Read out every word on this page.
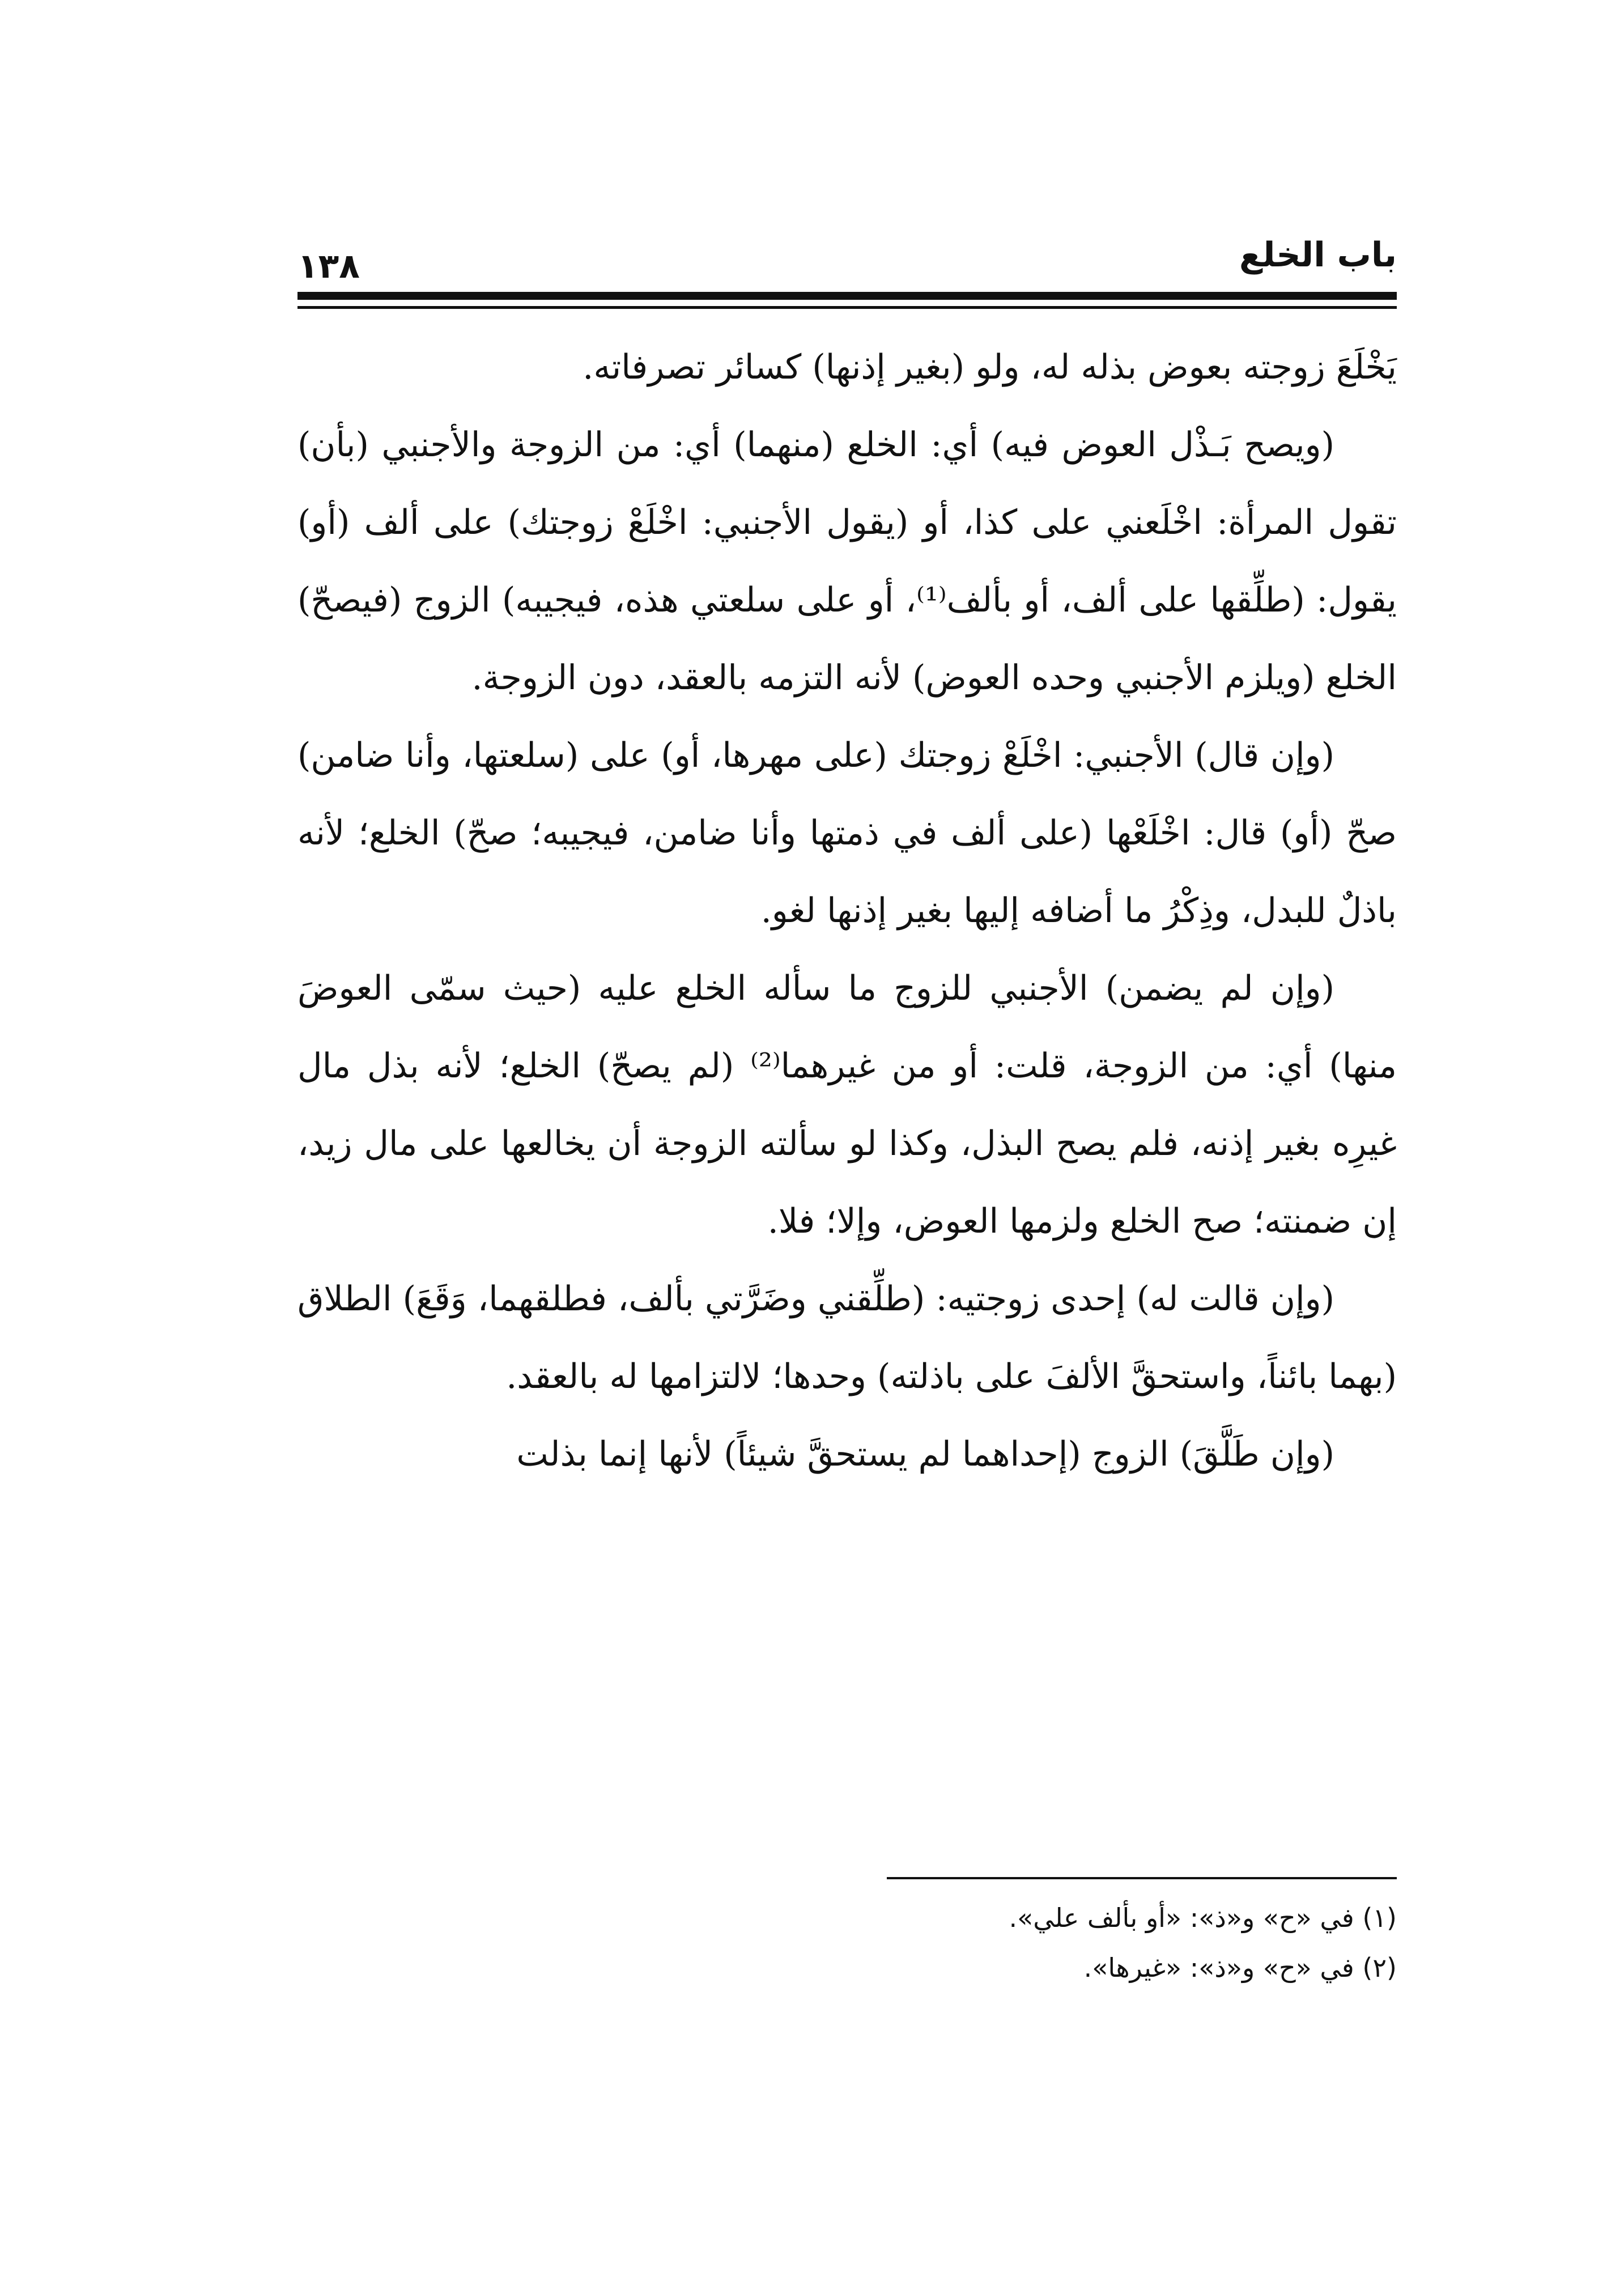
باب الخلع
١٣٨

يَخْلَعَ زوجته بعوض بذله له، ولو (بغير إذنها) كسائر تصرفاته.

(ويصح بَـذْل العوض فيه) أي: الخلع (منهما) أي: من الزوجة والأجنبي (بأن) تقول المرأة: اخْلَعني على كذا، أو (يقول الأجنبي: اخْلَعْ زوجتك) على ألف (أو) يقول: (طلِّقها على ألف، أو بألف⁽¹⁾، أو على سلعتي هذه، فيجيبه) الزوج (فيصحّ) الخلع (ويلزم الأجنبي وحده العوض) لأنه التزمه بالعقد، دون الزوجة.

(وإن قال) الأجنبي: اخْلَعْ زوجتك (على مهرها، أو) على (سلعتها، وأنا ضامن) صحّ (أو) قال: اخْلَعْها (على ألف في ذمتها وأنا ضامن، فيجيبه؛ صحّ) الخلع؛ لأنه باذلٌ للبدل، وذِكْرُ ما أضافه إليها بغير إذنها لغو.

(وإن لم يضمن) الأجنبي للزوج ما سأله الخلع عليه (حيث سمّى العوضَ منها) أي: من الزوجة، قلت: أو من غيرهما⁽²⁾ (لم يصحّ) الخلع؛ لأنه بذل مال غيرِه بغير إذنه، فلم يصح البذل، وكذا لو سألته الزوجة أن يخالعها على مال زيد، إن ضمنته؛ صح الخلع ولزمها العوض، وإلا؛ فلا.

(وإن قالت له) إحدى زوجتيه: (طلِّقني وضَرَّتي بألف، فطلقهما، وَقَعَ) الطلاق (بهما بائناً، واستحقَّ الألفَ على باذلته) وحدها؛ لالتزامها له بالعقد.

(وإن طَلَّقَ) الزوج (إحداهما لم يستحقَّ شيئاً) لأنها إنما بذلت

(١) في «ح» و«ذ»: «أو بألف علي».

(٢) في «ح» و«ذ»: «غيرها».
